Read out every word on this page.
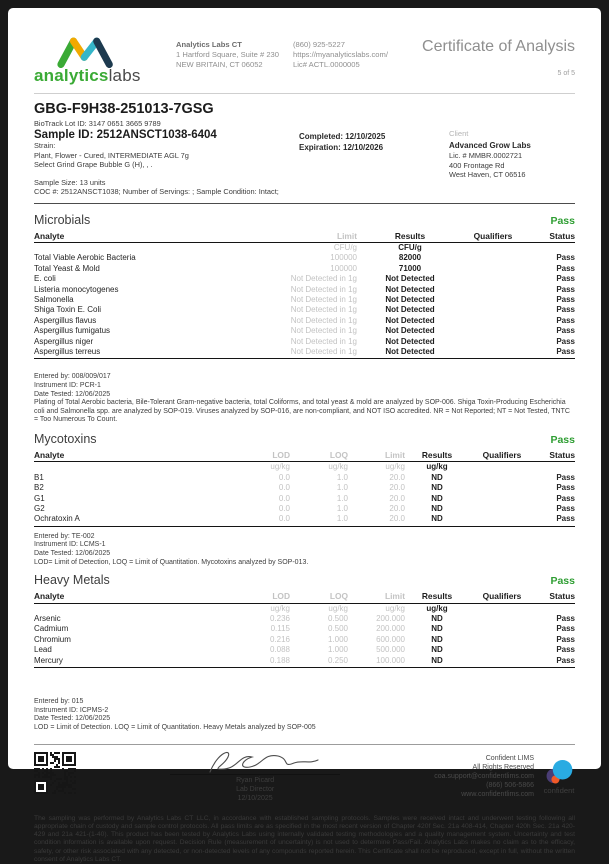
analyticslabs
Analytics Labs CT
1 Hartford Square, Suite # 230
NEW BRITAIN, CT 06052
(860) 925-5227
https://myanalyticslabs.com/
Lic# ACTL.0000005
Certificate of Analysis
5 of 5
GBG-F9H38-251013-7GSG
BioTrack Lot ID: 3147 0651 3665 9789
Sample ID: 2512ANSCT1038-6404
Strain:
Plant, Flower - Cured, INTERMEDIATE AGL 7g
Select Grind Grape Bubble G (H), , .
Sample Size: 13 units
COC #: 2512ANSCT1038; Number of Servings: ; Sample Condition: Intact;
Completed: 12/10/2025
Expiration: 12/10/2026
Client
Advanced Grow Labs
Lic. # MMBR.0002721
400 Frontage Rd
West Haven, CT 06516
Microbials	Pass
Analyte	Limit	Results	Qualifiers	Status
	CFU/g	CFU/g		
Total Viable Aerobic Bacteria	100000	82000		Pass
Total Yeast & Mold	100000	71000		Pass
E. coli	Not Detected in 1g	Not Detected		Pass
Listeria monocytogenes	Not Detected in 1g	Not Detected		Pass
Salmonella	Not Detected in 1g	Not Detected		Pass
Shiga Toxin E. Coli	Not Detected in 1g	Not Detected		Pass
Aspergillus flavus	Not Detected in 1g	Not Detected		Pass
Aspergillus fumigatus	Not Detected in 1g	Not Detected		Pass
Aspergillus niger	Not Detected in 1g	Not Detected		Pass
Aspergillus terreus	Not Detected in 1g	Not Detected		Pass
Entered by: 008/009/017
Instrument ID: PCR-1
Date Tested: 12/06/2025
Plating of Total Aerobic bacteria, Bile-Tolerant Gram-negative bacteria, total Coliforms, and total yeast & mold are analyzed by SOP-006. Shiga Toxin-Producing Escherichia coli and Salmonella spp. are analyzed by SOP-019. Viruses analyzed by SOP-016, are non-compliant, and NOT ISO accredited. NR = Not Reported; NT = Not Tested, TNTC = Too Numerous To Count.
Mycotoxins	Pass
Analyte	LOD	LOQ	Limit	Results	Qualifiers	Status
	ug/kg	ug/kg	ug/kg	ug/kg		
B1	0.0	1.0	20.0	ND		Pass
B2	0.0	1.0	20.0	ND		Pass
G1	0.0	1.0	20.0	ND		Pass
G2	0.0	1.0	20.0	ND		Pass
Ochratoxin A	0.0	1.0	20.0	ND		Pass
Entered by: TE-002
Instrument ID: LCMS-1
Date Tested: 12/06/2025
LOD= Limit of Detection, LOQ = Limit of Quantitation. Mycotoxins analyzed by SOP-013.
Heavy Metals	Pass
Analyte	LOD	LOQ	Limit	Results	Qualifiers	Status
	ug/kg	ug/kg	ug/kg	ug/kg		
Arsenic	0.236	0.500	200.000	ND		Pass
Cadmium	0.115	0.500	200.000	ND		Pass
Chromium	0.216	1.000	600.000	ND		Pass
Lead	0.088	1.000	500.000	ND		Pass
Mercury	0.188	0.250	100.000	ND		Pass
Entered by: 015
Instrument ID: ICPMS-2
Date Tested: 12/06/2025
LOD = Limit of Detection. LOQ = Limit of Quantitation. Heavy Metals analyzed by SOP-005
Ryan Picard
Lab Director
12/10/2025
Confident LIMS
All Rights Reserved
coa.support@confidentlims.com
(866) 506-5866
www.confidentlims.com confident
The sampling was performed by Analytics Labs CT LLC, in accordance with established sampling protocols. Samples were received intact and underwent testing following all appropriate chain of custody and sample control protocols. All pass limits are as specified in the most recent version of Chapter 420f Sec. 21a 408-414, Chapter 420h Sec. 21a 420-429 and 21a 421-(1-40). This product has been tested by Analytics Labs using internally validated testing methodologies and a quality management system. Uncertainty and test condition information is available upon request. Decision Rule (measurement of uncertainty) is not used to determine Pass/Fail. Analytics Labs makes no claim as to the efficacy, safety, or other risk associated with any detected, or non-detected levels of any compounds reported herein. This Certificate shall not be reproduced, except in full, without the written consent of Analytics Labs CT.
